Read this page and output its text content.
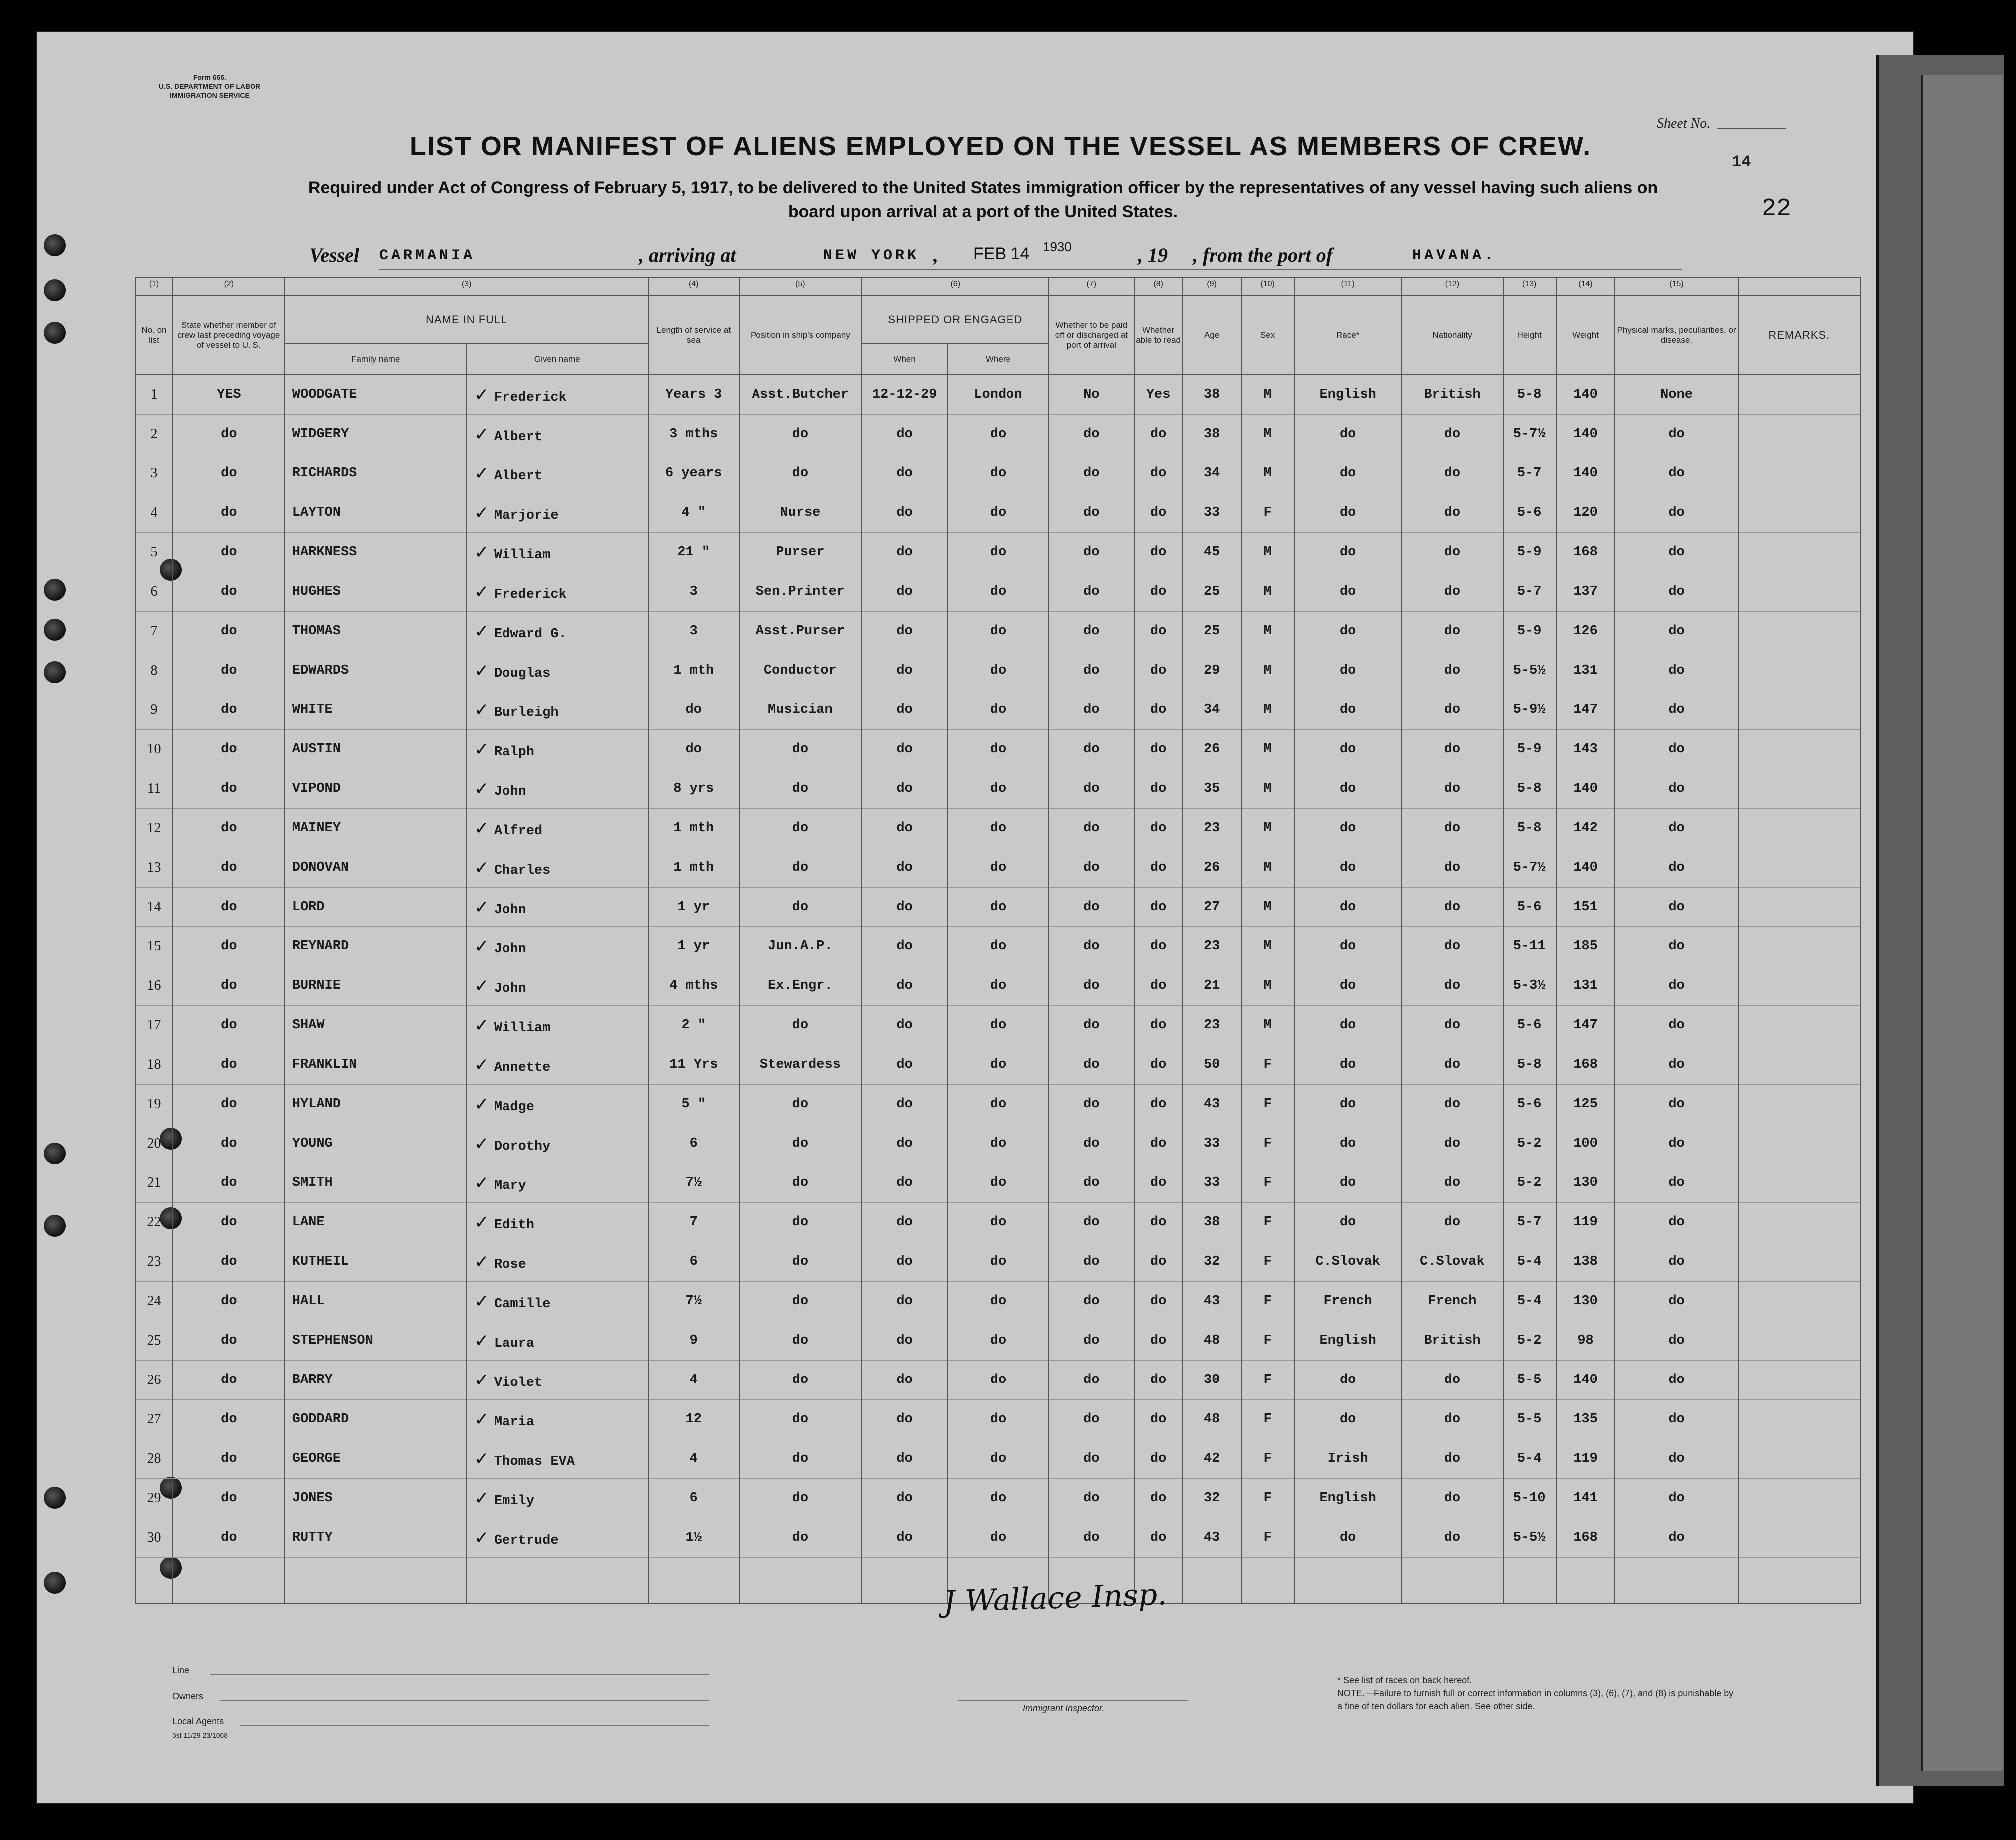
Form 666.
U.S. DEPARTMENT OF LABOR
IMMIGRATION SERVICE
LIST OR MANIFEST OF ALIENS EMPLOYED ON THE VESSEL AS MEMBERS OF CREW.
Sheet No.
14
22
Required under Act of Congress of February 5, 1917, to be delivered to the United States immigration officer by the representatives of any vessel having such aliens on board upon arrival at a port of the United States.
Vessel CARMANIA	, arriving at	NEW YORK , FEB 14 1930	, 19 , from the port of	HAVANA.
(1)	(2)	(3)		(4)	(5)	(6)		(7)	(8)	(9)	(10)	(11)	(12)	(13)	(14)	(15)	
No. on list	State whether member of crew last preceding voyage of vessel to U. S.	NAME IN FULL		Length of service at sea	Position in ship's company	SHIPPED OR ENGAGED		Whether to be paid off or discharged at port of arrival	Whether able to read	Age	Sex	Race*	Nationality	Height	Weight	Physical marks, peculiarities, or disease.	REMARKS.
		Family name	Given name			When	Where										
1	YES	WOODGATE	✓ Frederick	Years 3	Asst.Butcher	12-12-29	London	No	Yes	38	M	English	British	5-8	140	None	
2	do	WIDGERY	✓ Albert	3 mths	do	do	do	do	do	38	M	do	do	5-7½	140	do	
3	do	RICHARDS	✓ Albert	6 years	do	do	do	do	do	34	M	do	do	5-7	140	do	
4	do	LAYTON	✓ Marjorie	4 "	Nurse	do	do	do	do	33	F	do	do	5-6	120	do	
5	do	HARKNESS	✓ William	21 "	Purser	do	do	do	do	45	M	do	do	5-9	168	do	
6	do	HUGHES	✓ Frederick	3	Sen.Printer	do	do	do	do	25	M	do	do	5-7	137	do	
7	do	THOMAS	✓ Edward G.	3	Asst.Purser	do	do	do	do	25	M	do	do	5-9	126	do	
8	do	EDWARDS	✓ Douglas	1 mth	Conductor	do	do	do	do	29	M	do	do	5-5½	131	do	
9	do	WHITE	✓ Burleigh	do	Musician	do	do	do	do	34	M	do	do	5-9½	147	do	
10	do	AUSTIN	✓ Ralph	do	do	do	do	do	do	26	M	do	do	5-9	143	do	
11	do	VIPOND	✓ John	8 yrs	do	do	do	do	do	35	M	do	do	5-8	140	do	
12	do	MAINEY	✓ Alfred	1 mth	do	do	do	do	do	23	M	do	do	5-8	142	do	
13	do	DONOVAN	✓ Charles	1 mth	do	do	do	do	do	26	M	do	do	5-7½	140	do	
14	do	LORD	✓ John	1 yr	do	do	do	do	do	27	M	do	do	5-6	151	do	
15	do	REYNARD	✓ John	1 yr	Jun.A.P.	do	do	do	do	23	M	do	do	5-11	185	do	
16	do	BURNIE	✓ John	4 mths	Ex.Engr.	do	do	do	do	21	M	do	do	5-3½	131	do	
17	do	SHAW	✓ William	2 "	do	do	do	do	do	23	M	do	do	5-6	147	do	
18	do	FRANKLIN	✓ Annette	11 Yrs	Stewardess	do	do	do	do	50	F	do	do	5-8	168	do	
19	do	HYLAND	✓ Madge	5 "	do	do	do	do	do	43	F	do	do	5-6	125	do	
20	do	YOUNG	✓ Dorothy	6	do	do	do	do	do	33	F	do	do	5-2	100	do	
21	do	SMITH	✓ Mary	7½	do	do	do	do	do	33	F	do	do	5-2	130	do	
22	do	LANE	✓ Edith	7	do	do	do	do	do	38	F	do	do	5-7	119	do	
23	do	KUTHEIL	✓ Rose	6	do	do	do	do	do	32	F	C.Slovak	C.Slovak	5-4	138	do	
24	do	HALL	✓ Camille	7½	do	do	do	do	do	43	F	French	French	5-4	130	do	
25	do	STEPHENSON	✓ Laura	9	do	do	do	do	do	48	F	English	British	5-2	98	do	
26	do	BARRY	✓ Violet	4	do	do	do	do	do	30	F	do	do	5-5	140	do	
27	do	GODDARD	✓ Maria	12	do	do	do	do	do	48	F	do	do	5-5	135	do	
28	do	GEORGE	✓ Thomas EVA	4	do	do	do	do	do	42	F	Irish	do	5-4	119	do	
29	do	JONES	✓ Emily	6	do	do	do	do	do	32	F	English	do	5-10	141	do	
30	do	RUTTY	✓ Gertrude	1½	do	do	do	do	do	43	F	do	do	5-5½	168	do	

J Wallace Insp.
Line
Owners
Local Agents
5st 11/29 23/1068
Immigrant Inspector.
* See list of races on back hereof.
NOTE.—Failure to furnish full or correct information in columns (3), (6), (7), and (8) is punishable by a fine of ten dollars for each alien. See other side.
